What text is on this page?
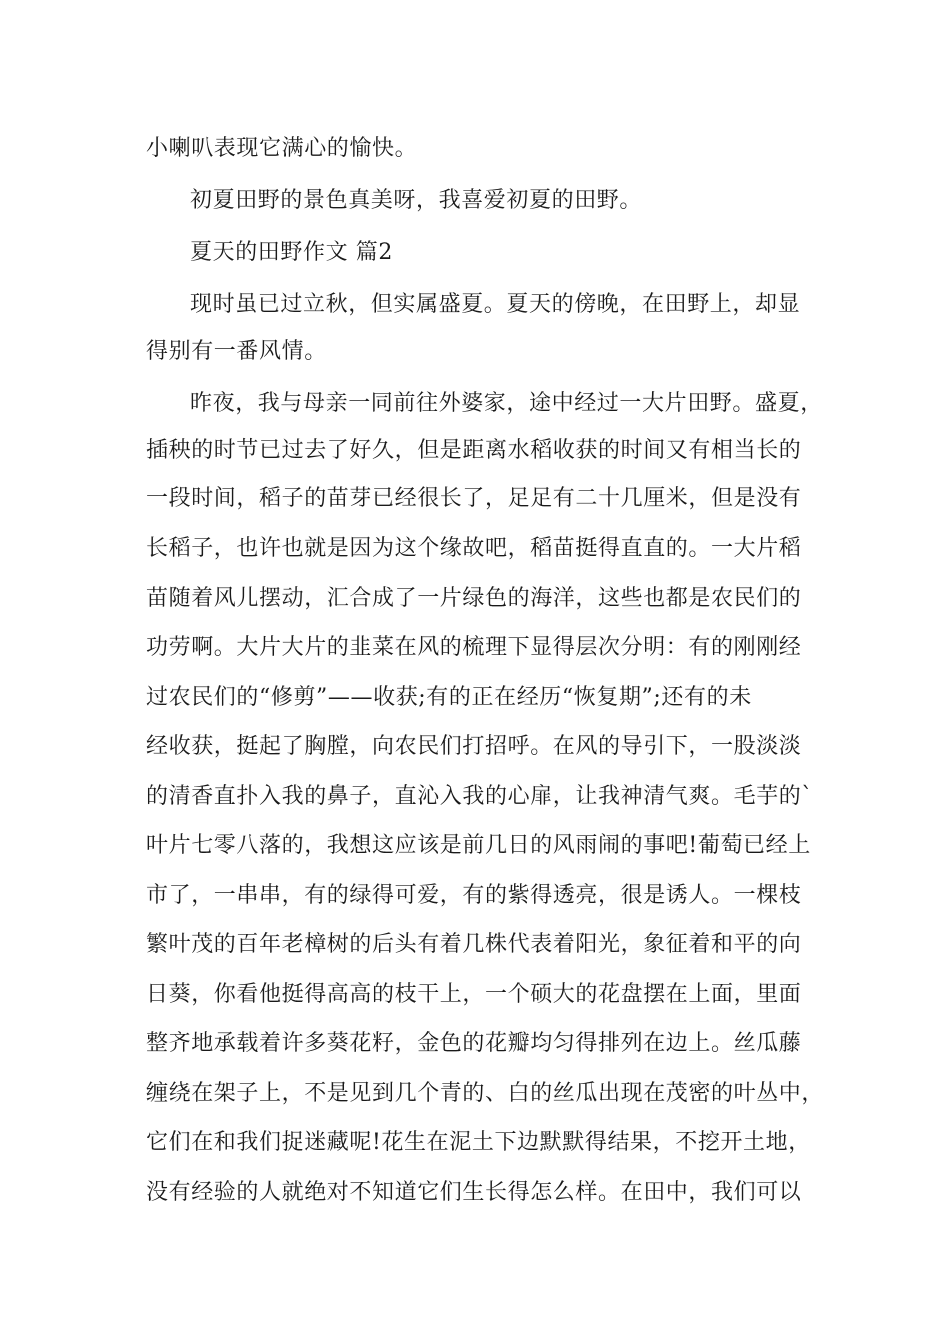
小喇叭表现它满心的愉快。
初夏田野的景色真美呀，我喜爱初夏的田野。
夏天的田野作文 篇2
现时虽已过立秋，但实属盛夏。夏天的傍晚，在田野上，却显
得别有一番风情。
昨夜，我与母亲一同前往外婆家，途中经过一大片田野。盛夏，
插秧的时节已过去了好久，但是距离水稻收获的时间又有相当长的
一段时间，稻子的苗芽已经很长了，足足有二十几厘米，但是没有
长稻子，也许也就是因为这个缘故吧，稻苗挺得直直的。一大片稻
苗随着风儿摆动，汇合成了一片绿色的海洋，这些也都是农民们的
功劳啊。大片大片的韭菜在风的梳理下显得层次分明：有的刚刚经
过农民们的“修剪”——收获;有的正在经历“恢复期”;还有的未
经收获，挺起了胸膛，向农民们打招呼。在风的导引下，一股淡淡
的清香直扑入我的鼻子，直沁入我的心扉，让我神清气爽。毛芋的`
叶片七零八落的，我想这应该是前几日的风雨闹的事吧!葡萄已经上
市了，一串串，有的绿得可爱，有的紫得透亮，很是诱人。一棵枝
繁叶茂的百年老樟树的后头有着几株代表着阳光，象征着和平的向
日葵，你看他挺得高高的枝干上，一个硕大的花盘摆在上面，里面
整齐地承载着许多葵花籽，金色的花瓣均匀得排列在边上。丝瓜藤
缠绕在架子上，不是见到几个青的、白的丝瓜出现在茂密的叶丛中，
它们在和我们捉迷藏呢!花生在泥土下边默默得结果，不挖开土地，
没有经验的人就绝对不知道它们生长得怎么样。在田中，我们可以
